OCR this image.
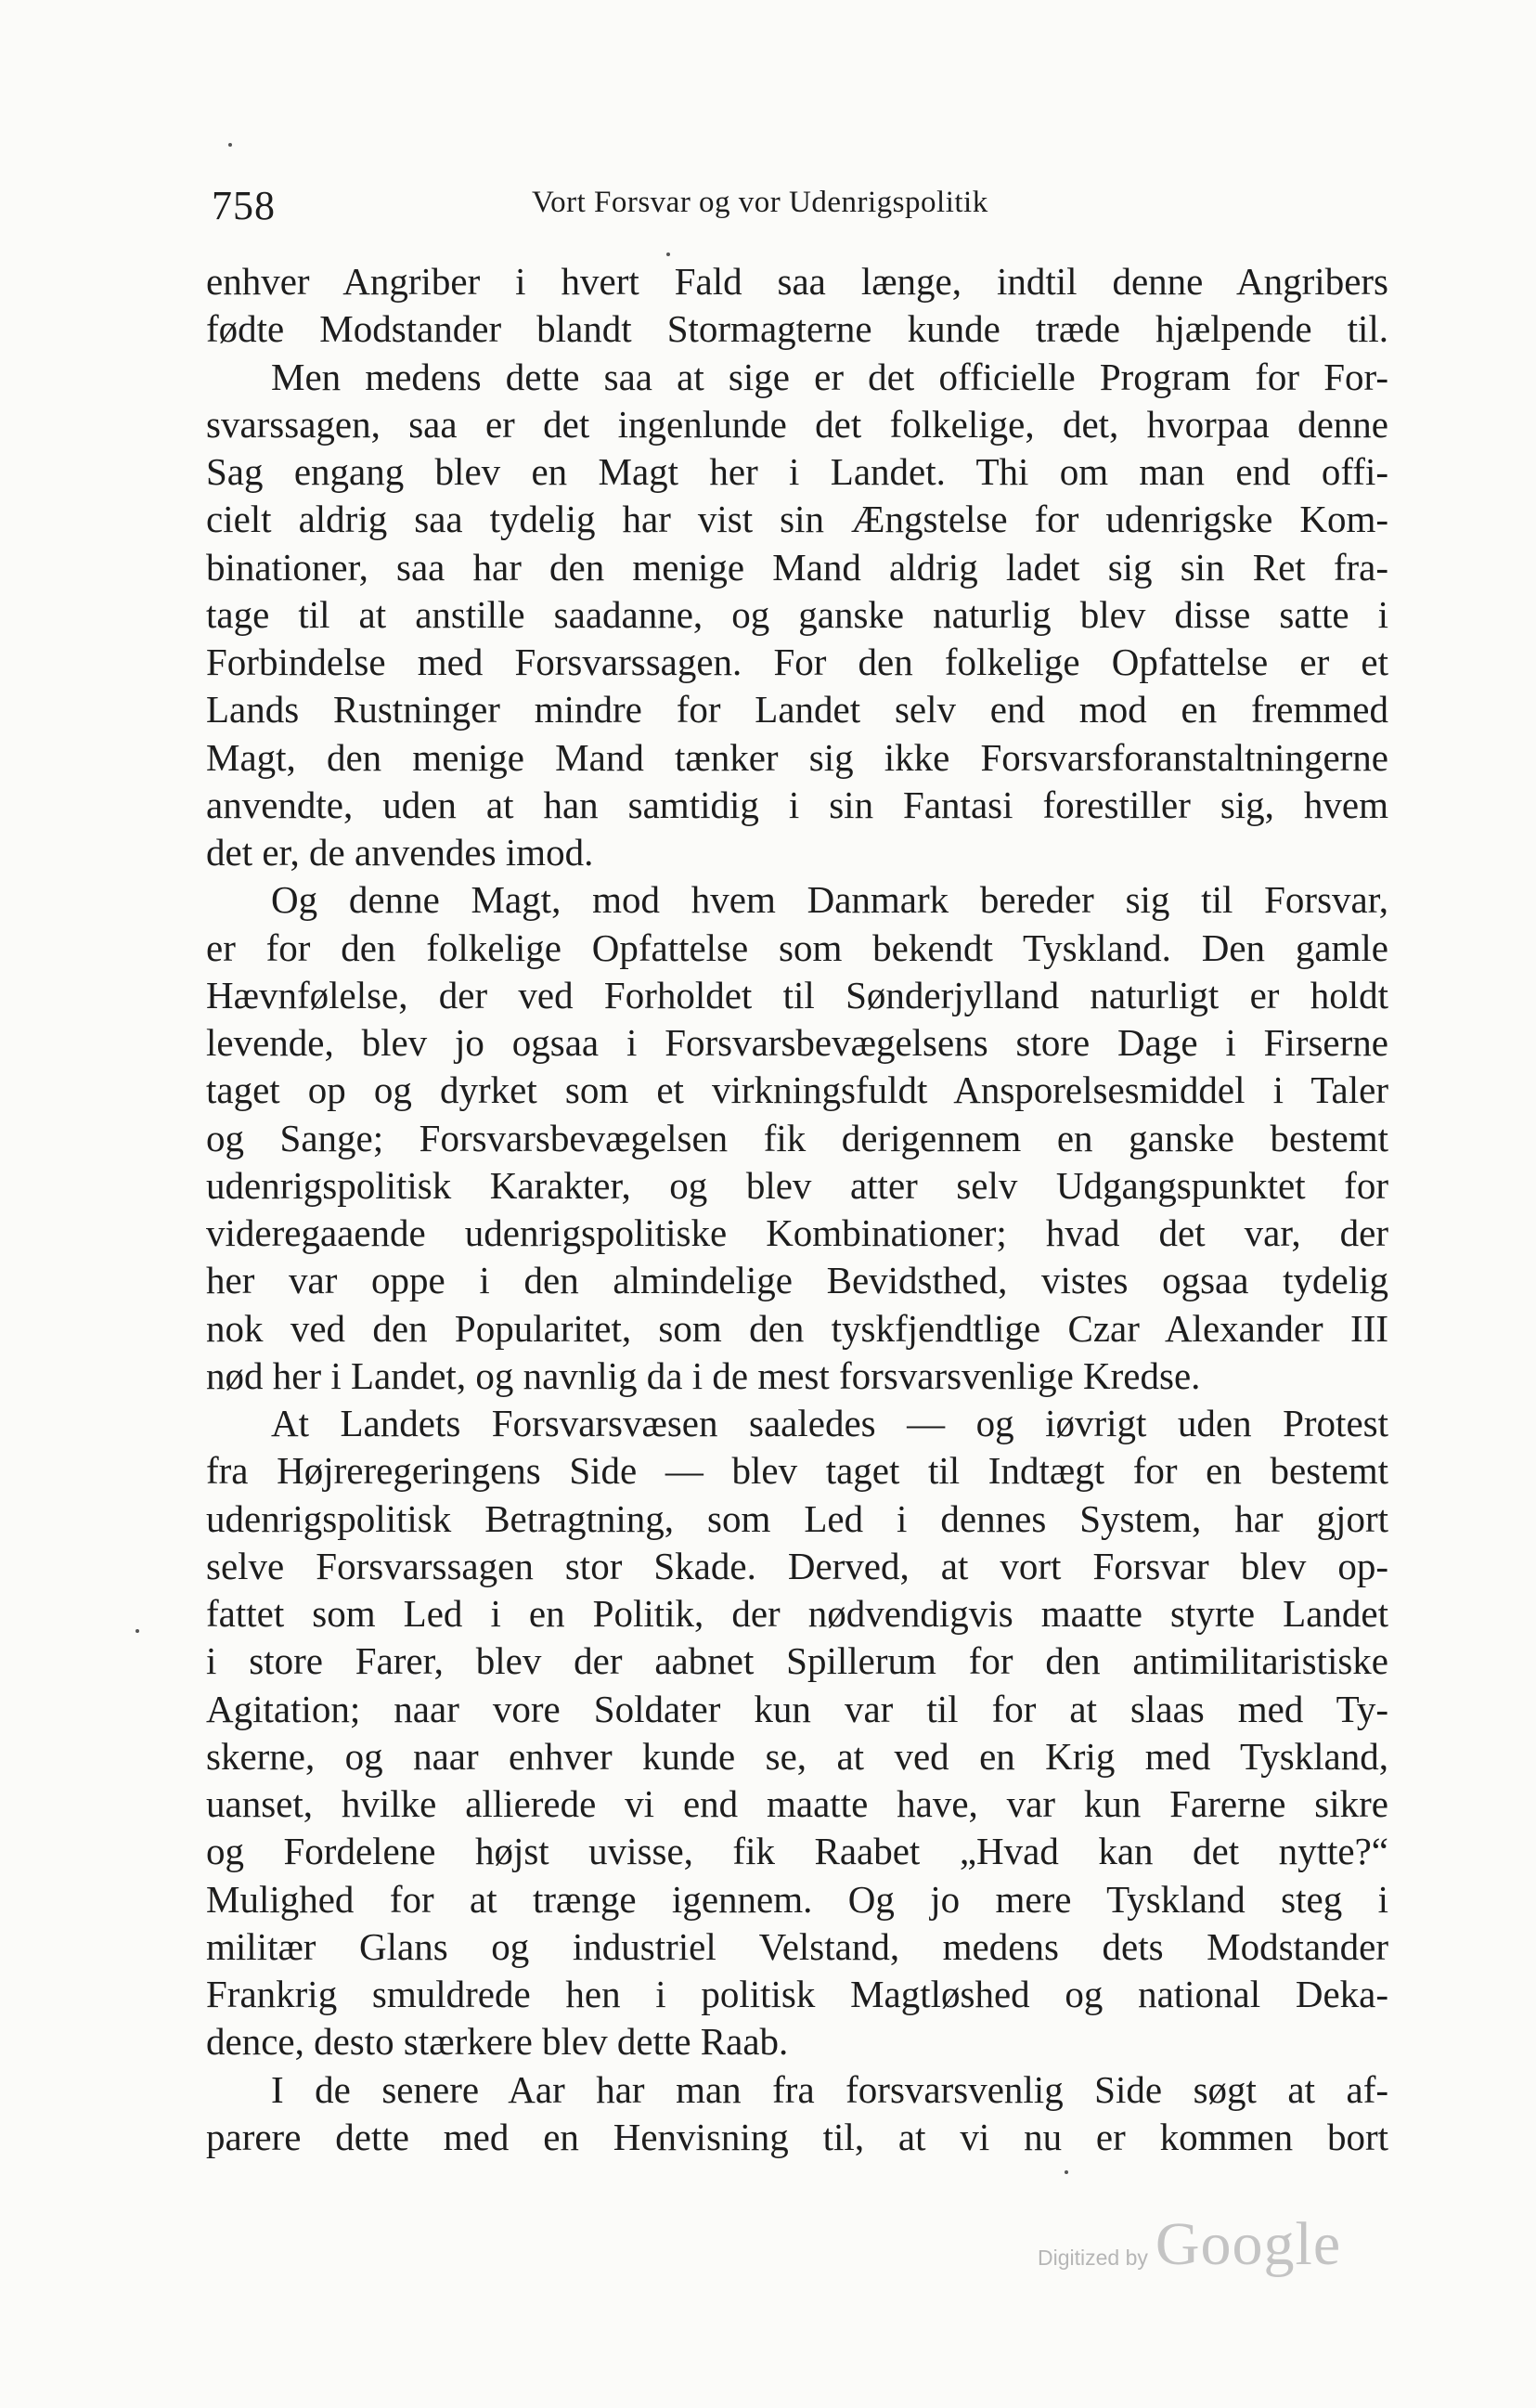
758	Vort Forsvar og vor Udenrigspolitik
enhver Angriber i hvert Fald saa længe, indtil denne Angribers
fødte Modstander blandt Stormagterne kunde træde hjælpende til.
Men medens dette saa at sige er det officielle Program for For-
svarssagen, saa er det ingenlunde det folkelige, det, hvorpaa denne
Sag engang blev en Magt her i Landet. Thi om man end offi-
cielt aldrig saa tydelig har vist sin Ængstelse for udenrigske Kom-
binationer, saa har den menige Mand aldrig ladet sig sin Ret fra-
tage til at anstille saadanne, og ganske naturlig blev disse satte i
Forbindelse med Forsvarssagen. For den folkelige Opfattelse er et
Lands Rustninger mindre for Landet selv end mod en fremmed
Magt, den menige Mand tænker sig ikke Forsvarsforanstaltningerne
anvendte, uden at han samtidig i sin Fantasi forestiller sig, hvem
det er, de anvendes imod.
Og denne Magt, mod hvem Danmark bereder sig til Forsvar,
er for den folkelige Opfattelse som bekendt Tyskland. Den gamle
Hævnfølelse, der ved Forholdet til Sønderjylland naturligt er holdt
levende, blev jo ogsaa i Forsvarsbevægelsens store Dage i Firserne
taget op og dyrket som et virkningsfuldt Ansporelsesmiddel i Taler
og Sange; Forsvarsbevægelsen fik derigennem en ganske bestemt
udenrigspolitisk Karakter, og blev atter selv Udgangspunktet for
videregaaende udenrigspolitiske Kombinationer; hvad det var, der
her var oppe i den almindelige Bevidsthed, vistes ogsaa tydelig
nok ved den Popularitet, som den tyskfjendtlige Czar Alexander III
nød her i Landet, og navnlig da i de mest forsvarsvenlige Kredse.
At Landets Forsvarsvæsen saaledes — og iøvrigt uden Protest
fra Højreregeringens Side — blev taget til Indtægt for en bestemt
udenrigspolitisk Betragtning, som Led i dennes System, har gjort
selve Forsvarssagen stor Skade. Derved, at vort Forsvar blev op-
fattet som Led i en Politik, der nødvendigvis maatte styrte Landet
i store Farer, blev der aabnet Spillerum for den antimilitaristiske
Agitation; naar vore Soldater kun var til for at slaas med Ty-
skerne, og naar enhver kunde se, at ved en Krig med Tyskland,
uanset, hvilke allierede vi end maatte have, var kun Farerne sikre
og Fordelene højst uvisse, fik Raabet „Hvad kan det nytte?“
Mulighed for at trænge igennem. Og jo mere Tyskland steg i
militær Glans og industriel Velstand, medens dets Modstander
Frankrig smuldrede hen i politisk Magtløshed og national Deka-
dence, desto stærkere blev dette Raab.
I de senere Aar har man fra forsvarsvenlig Side søgt at af-
parere dette med en Henvisning til, at vi nu er kommen bort
Digitized by Google
